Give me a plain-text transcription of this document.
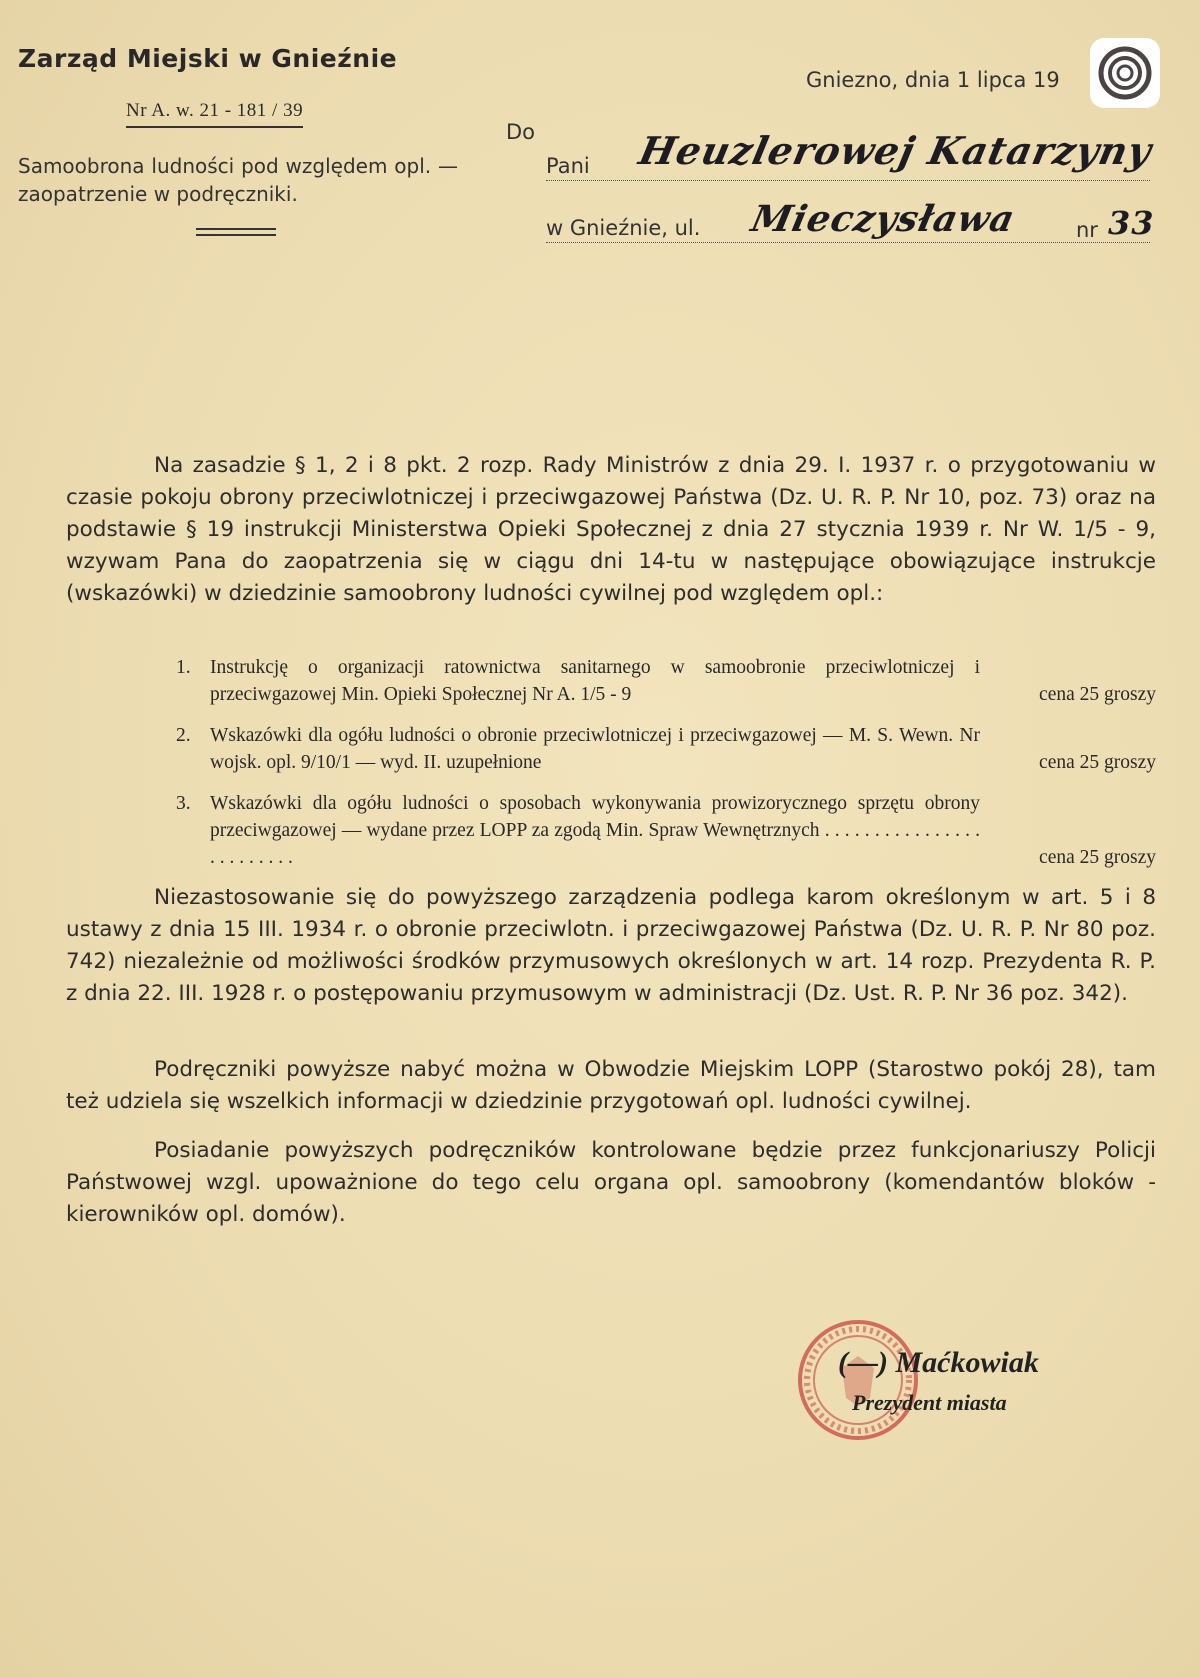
Zarząd Miejski w Gnieźnie
Nr A. w. 21 - 181 / 39
Samoobrona ludności pod względem opl. — zaopatrzenie w podręczniki.
Gniezno, dnia 1 lipca 19
Do
Pani Heuzlerowej Katarzyny
w Gnieźnie, ul. Mieczysława	nr 33
Na zasadzie § 1, 2 i 8 pkt. 2 rozp. Rady Ministrów z dnia 29. I. 1937 r. o przygotowaniu w czasie pokoju obrony przeciwlotniczej i przeciwgazowej Państwa (Dz. U. R. P. Nr 10, poz. 73) oraz na podstawie § 19 instrukcji Ministerstwa Opieki Społecznej z dnia 27 stycznia 1939 r. Nr W. 1/5 - 9, wzywam Pana do zaopatrzenia się w ciągu dni 14-tu w następujące obowiązujące instrukcje (wskazówki) w dziedzinie samoobrony ludności cywilnej pod względem opl.:
1. Instrukcję o organizacji ratownictwa sanitarnego w samoobronie przeciwlotniczej i przeciwgazowej Min. Opieki Społecznej Nr A. 1/5 - 9	cena 25 groszy
2. Wskazówki dla ogółu ludności o obronie przeciwlotniczej i przeciwgazowej — M. S. Wewn. Nr wojsk. opl. 9/10/1 — wyd. II. uzupełnione	cena 25 groszy
3. Wskazówki dla ogółu ludności o sposobach wykonywania prowizorycznego sprzętu obrony przeciwgazowej — wydane przez LOPP za zgodą Min. Spraw Wewnętrznych . . . . . . . . . . . . . . . . . . . . . . . . .	cena 25 groszy
Niezastosowanie się do powyższego zarządzenia podlega karom określonym w art. 5 i 8 ustawy z dnia 15 III. 1934 r. o obronie przeciwlotn. i przeciwgazowej Państwa (Dz. U. R. P. Nr 80 poz. 742) niezależnie od możliwości środków przymusowych określonych w art. 14 rozp. Prezydenta R. P. z dnia 22. III. 1928 r. o postępowaniu przymusowym w administracji (Dz. Ust. R. P. Nr 36 poz. 342).
Podręczniki powyższe nabyć można w Obwodzie Miejskim LOPP (Starostwo pokój 28), tam też udziela się wszelkich informacji w dziedzinie przygotowań opl. ludności cywilnej.
Posiadanie powyższych podręczników kontrolowane będzie przez funkcjonariuszy Policji Państwowej wzgl. upoważnione do tego celu organa opl. samoobrony (komendantów bloków - kierowników opl. domów).
(—) Maćkowiak
Prezydent miasta
